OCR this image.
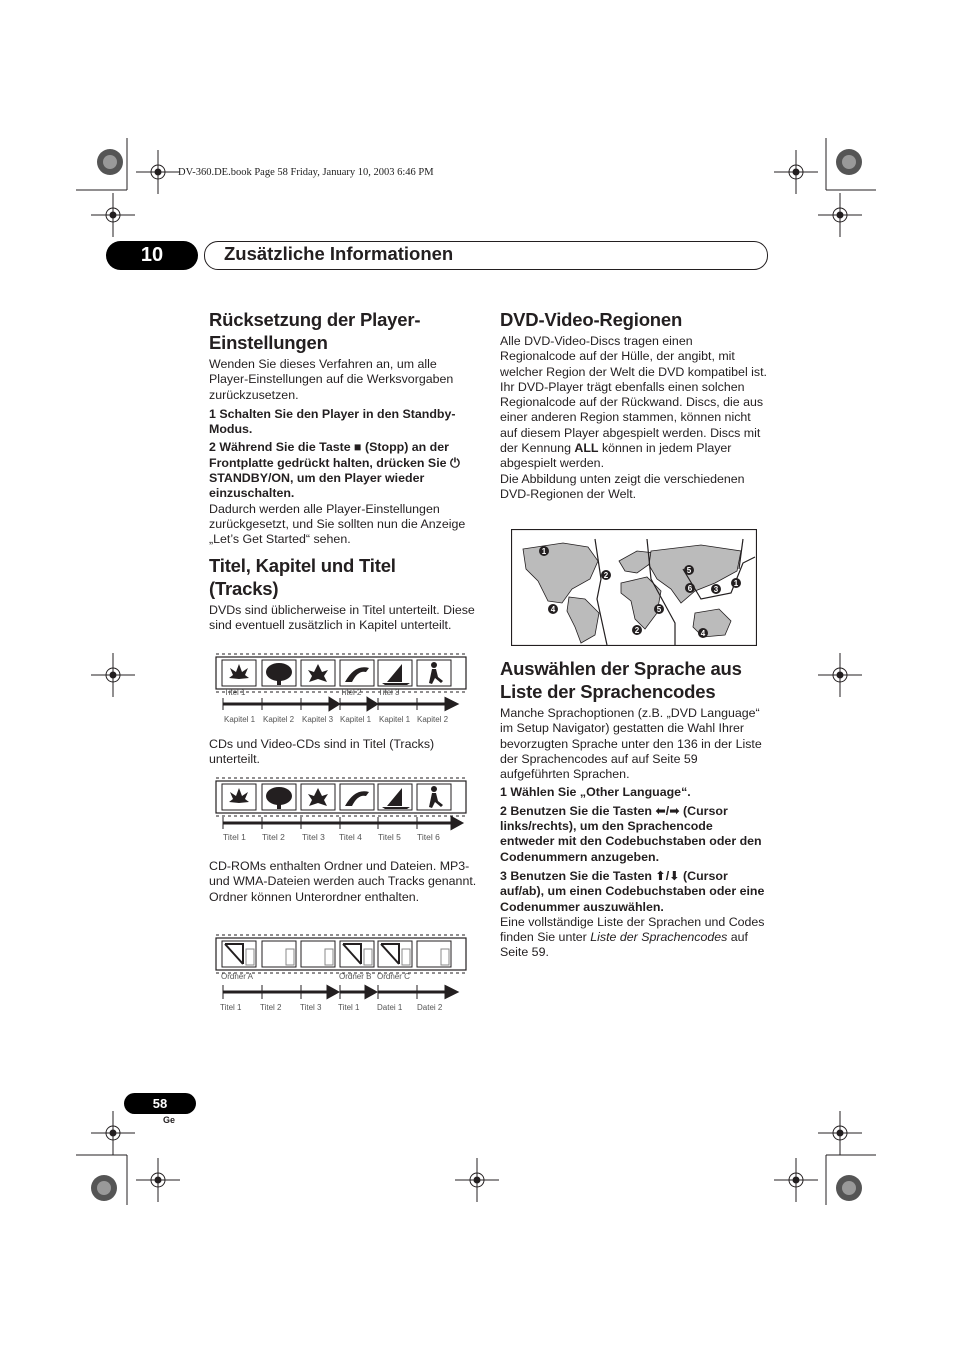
DV-360.DE.book Page 58 Friday, January 10, 2003 6:46 PM
10	Zusätzliche Informationen
Rücksetzung der Player-
Einstellungen

Wenden Sie dieses Verfahren an, um alle Player-Einstellungen auf die Werksvorgaben zurückzusetzen.

1 Schalten Sie den Player in den Standby-Modus.

2 Während Sie die Taste ■ (Stopp) an der Frontplatte gedrückt halten, drücken Sie ⏻ STANDBY/ON, um den Player wieder einzuschalten.

Dadurch werden alle Player-Einstellungen zurückgesetzt, und Sie sollten nun die Anzeige „Let’s Get Started“ sehen.

Titel, Kapitel und Titel
(Tracks)

DVDs sind üblicherweise in Titel unterteilt. Diese sind eventuell zusätzlich in Kapitel unterteilt.

Titel 1	Titel 2 Titel 3
Kapitel 1 Kapitel 2 Kapitel 3 Kapitel 1 Kapitel 1 Kapitel 2

CDs und Video-CDs sind in Titel (Tracks) unterteilt.

Titel 1 Titel 2 Titel 3 Titel 4 Titel 5 Titel 6

CD-ROMs enthalten Ordner und Dateien. MP3- und WMA-Dateien werden auch Tracks genannt. Ordner können Unterordner enthalten.

Ordner A	Ordner B Ordner C
Titel 1 Titel 2 Titel 3 Titel 1 Datei 1 Datei 2
DVD-Video-Regionen

Alle DVD-Video-Discs tragen einen Regionalcode auf der Hülle, der angibt, mit welcher Region der Welt die DVD kompatibel ist. Ihr DVD-Player trägt ebenfalls einen solchen Regionalcode auf der Rückwand. Discs, die aus einer anderen Region stammen, können nicht auf diesem Player abgespielt werden. Discs mit der Kennung ALL können in jedem Player abgespielt werden.

Die Abbildung unten zeigt die verschiedenen DVD-Regionen der Welt.

1
1
2
2
3
4
4
5
5
6
Auswählen der Sprache aus
Liste der Sprachencodes

Manche Sprachoptionen (z.B. „DVD Language“ im Setup Navigator) gestatten die Wahl Ihrer bevorzugten Sprache unter den 136 in der Liste der Sprachencodes auf auf Seite 59 aufgeführten Sprachen.

1 Wählen Sie „Other Language“.

2 Benutzen Sie die Tasten ⬅/➡ (Cursor links/rechts), um den Sprachencode entweder mit den Codebuchstaben oder den Codenummern anzugeben.

3 Benutzen Sie die Tasten ⬆/⬇ (Cursor auf/ab), um einen Codebuchstaben oder eine Codenummer auszuwählen.

Eine vollständige Liste der Sprachen und Codes finden Sie unter Liste der Sprachencodes auf Seite 59.

58
Ge
